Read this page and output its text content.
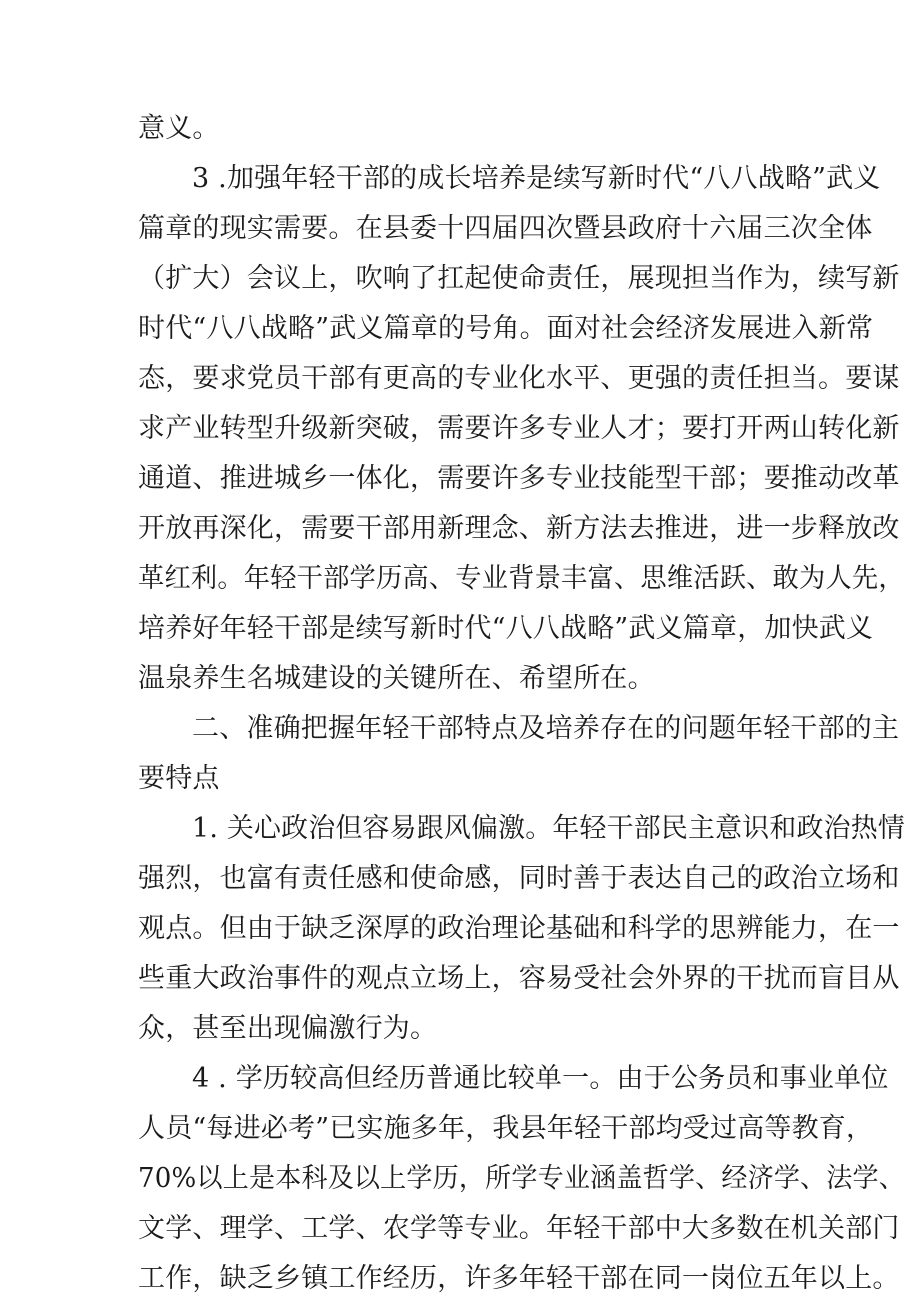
意义。
3 .加强年轻干部的成长培养是续写新时代“八八战略”武义
篇章的现实需要。在县委十四届四次暨县政府十六届三次全体
（扩大）会议上，吹响了扛起使命责任，展现担当作为，续写新
时代“八八战略”武义篇章的号角。面对社会经济发展进入新常
态，要求党员干部有更高的专业化水平、更强的责任担当。要谋
求产业转型升级新突破，需要许多专业人才；要打开两山转化新
通道、推进城乡一体化，需要许多专业技能型干部；要推动改革
开放再深化，需要干部用新理念、新方法去推进，进一步释放改
革红利。年轻干部学历高、专业背景丰富、思维活跃、敢为人先，
培养好年轻干部是续写新时代“八八战略”武义篇章，加快武义
温泉养生名城建设的关键所在、希望所在。
二、准确把握年轻干部特点及培养存在的问题年轻干部的主
要特点
1. 关心政治但容易跟风偏激。年轻干部民主意识和政治热情
强烈，也富有责任感和使命感，同时善于表达自己的政治立场和
观点。但由于缺乏深厚的政治理论基础和科学的思辨能力，在一
些重大政治事件的观点立场上，容易受社会外界的干扰而盲目从
众，甚至出现偏激行为。
4 . 学历较高但经历普通比较单一。由于公务员和事业单位
人员“每进必考”已实施多年，我县年轻干部均受过高等教育，
70%以上是本科及以上学历，所学专业涵盖哲学、经济学、法学、
文学、理学、工学、农学等专业。年轻干部中大多数在机关部门
工作，缺乏乡镇工作经历，许多年轻干部在同一岗位五年以上。
